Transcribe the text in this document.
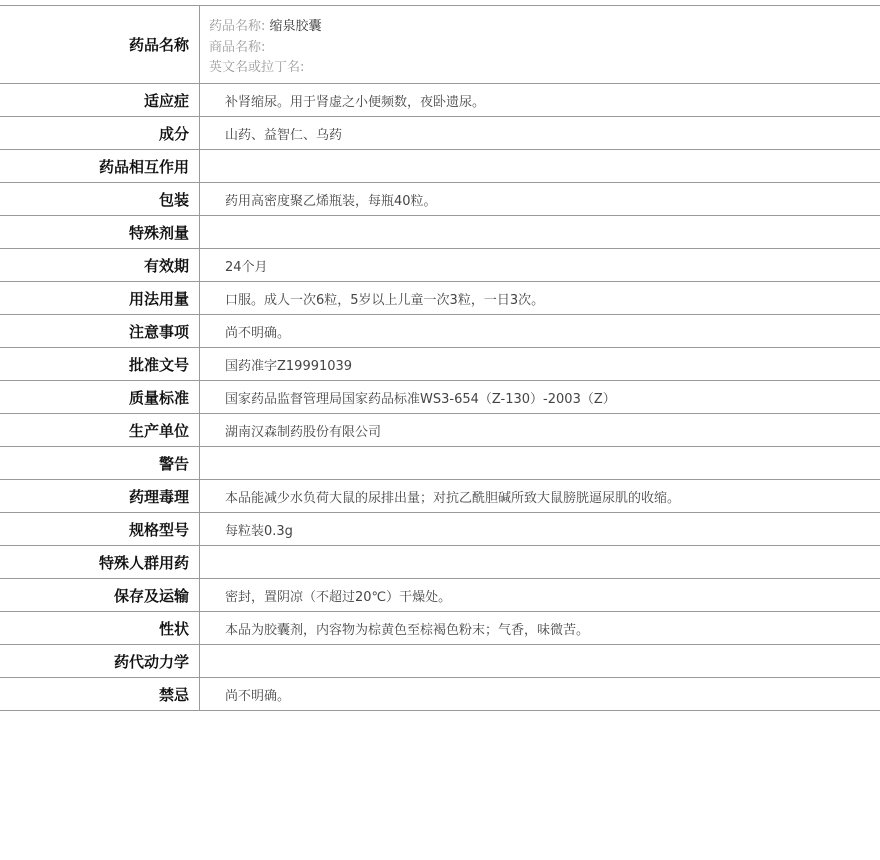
药品名称
药品名称: 缩泉胶囊
商品名称:
英文名或拉丁名:
适应症	补肾缩尿。用于肾虚之小便频数，夜卧遗尿。
成分	山药、益智仁、乌药
药品相互作用
包装	药用高密度聚乙烯瓶装，每瓶40粒。
特殊剂量
有效期	24个月
用法用量	口服。成人一次6粒，5岁以上儿童一次3粒，一日3次。
注意事项	尚不明确。
批准文号	国药准字Z19991039
质量标准	国家药品监督管理局国家药品标准WS3-654（Z-130）-2003（Z）
生产单位	湖南汉森制药股份有限公司
警告
药理毒理	本品能减少水负荷大鼠的尿排出量；对抗乙酰胆碱所致大鼠膀胱逼尿肌的收缩。
规格型号	每粒装0.3g
特殊人群用药
保存及运输	密封，置阴凉（不超过20℃）干燥处。
性状	本品为胶囊剂，内容物为棕黄色至棕褐色粉末；气香，味微苦。
药代动力学
禁忌	尚不明确。
